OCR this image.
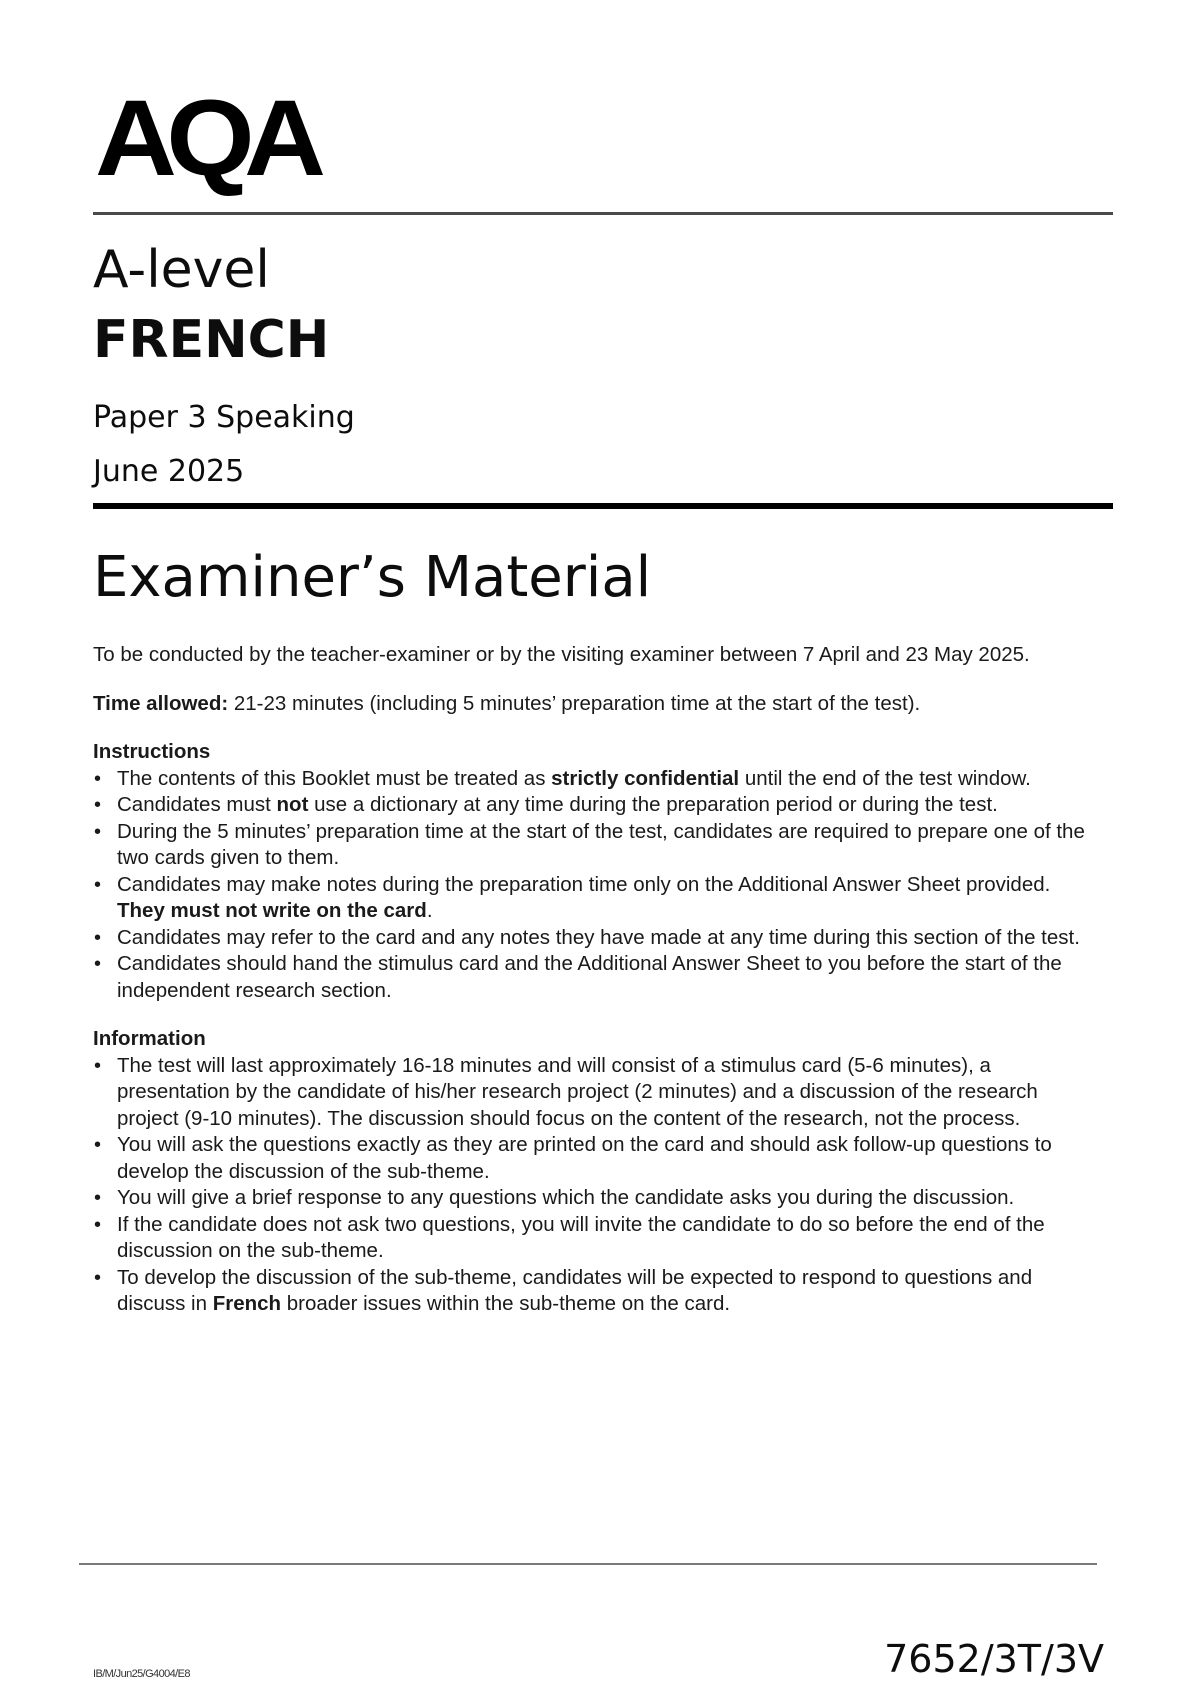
AQA
A-level
FRENCH
Paper 3 Speaking
June 2025
Examiner’s Material

To be conducted by the teacher-examiner or by the visiting examiner between 7 April and 23 May 2025.

Time allowed: 21-23 minutes (including 5 minutes’ preparation time at the start of the test).

Instructions
• The contents of this Booklet must be treated as strictly confidential until the end of the test window.
• Candidates must not use a dictionary at any time during the preparation period or during the test.
• During the 5 minutes’ preparation time at the start of the test, candidates are required to prepare one of the two cards given to them.
• Candidates may make notes during the preparation time only on the Additional Answer Sheet provided. They must not write on the card.
• Candidates may refer to the card and any notes they have made at any time during this section of the test.
• Candidates should hand the stimulus card and the Additional Answer Sheet to you before the start of the independent research section.
Information
• The test will last approximately 16-18 minutes and will consist of a stimulus card (5-6 minutes), a presentation by the candidate of his/her research project (2 minutes) and a discussion of the research project (9-10 minutes). The discussion should focus on the content of the research, not the process.
• You will ask the questions exactly as they are printed on the card and should ask follow-up questions to develop the discussion of the sub-theme.
• You will give a brief response to any questions which the candidate asks you during the discussion.
• If the candidate does not ask two questions, you will invite the candidate to do so before the end of the discussion on the sub-theme.
• To develop the discussion of the sub-theme, candidates will be expected to respond to questions and discuss in French broader issues within the sub-theme on the card.
IB/M/Jun25/G4004/E8	7652/3T/3V
